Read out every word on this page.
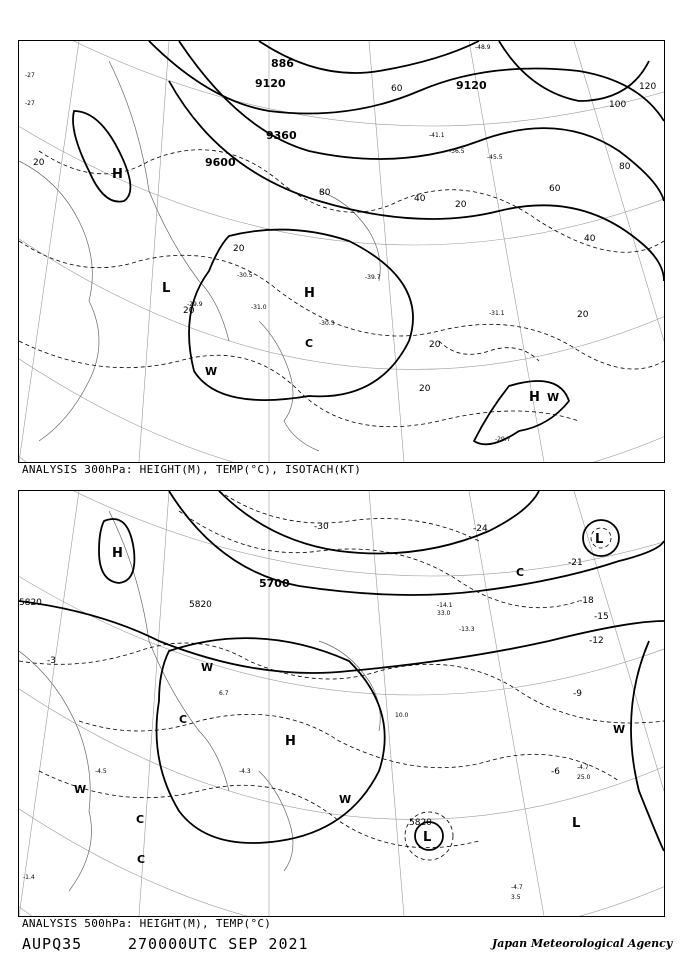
9120	9120
9600
9360
886
20
20
20
20
20
20
20
40
40
60
60
80
80
100
120
-27
-27
-29.9
-30.5
-31.0
-30.3
-31.1
-36.5
-41.1
-45.5
-48.9
-39.7
-29.7
H
H
H
L
C
W
W
ANALYSIS 300hPa: HEIGHT(M), TEMP(°C), ISOTACH(KT)
5700
5820	5820
5820
-3
-6
-9
-12
-15
-18
-21
-30	-24
-4.5
-4.7
25.0
-4.7
3.5
-1.4
-14.1
33.0
-13.3
10.0
-4.3
6.7
H
H
L
L
L
C
C
C
C
W
W
W
W
ANALYSIS 500hPa: HEIGHT(M), TEMP(°C)
AUPQ35	270000UTC SEP 2021	Japan Meteorological Agency
